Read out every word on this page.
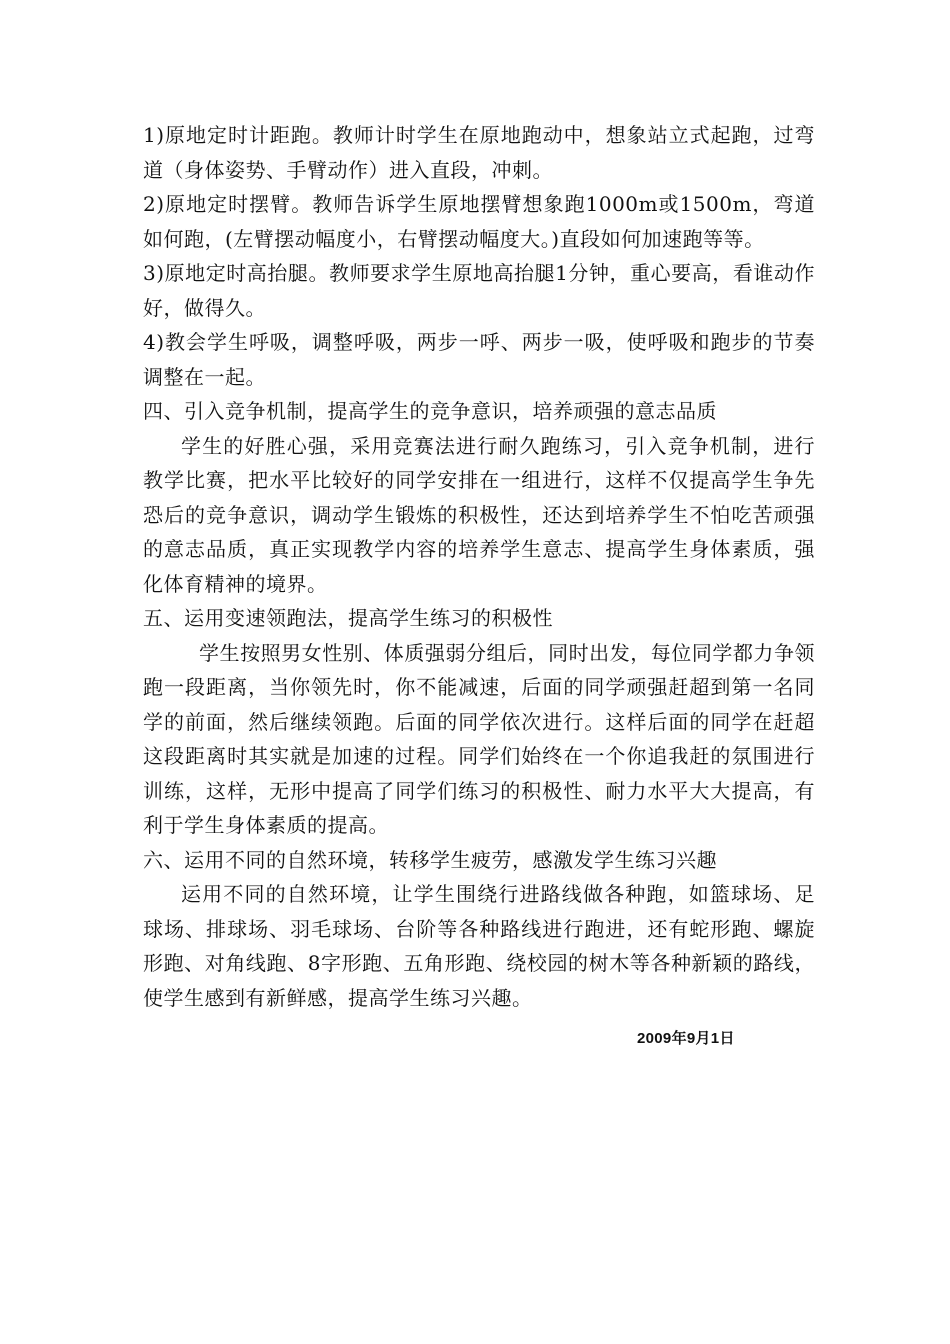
1)原地定时计距跑。教师计时学生在原地跑动中，想象站立式起跑，过弯道（身体姿势、手臂动作）进入直段，冲刺。

2)原地定时摆臂。教师告诉学生原地摆臂想象跑1000m或1500m，弯道如何跑，(左臂摆动幅度小，右臂摆动幅度大。)直段如何加速跑等等。

3)原地定时高抬腿。教师要求学生原地高抬腿1分钟，重心要高，看谁动作好，做得久。

4)教会学生呼吸，调整呼吸，两步一呼、两步一吸，使呼吸和跑步的节奏调整在一起。

四、引入竞争机制，提高学生的竞争意识，培养顽强的意志品质

学生的好胜心强，采用竞赛法进行耐久跑练习，引入竞争机制，进行教学比赛，把水平比较好的同学安排在一组进行，这样不仅提高学生争先恐后的竞争意识，调动学生锻炼的积极性，还达到培养学生不怕吃苦顽强的意志品质，真正实现教学内容的培养学生意志、提高学生身体素质，强化体育精神的境界。

五、运用变速领跑法，提高学生练习的积极性

学生按照男女性别、体质强弱分组后，同时出发，每位同学都力争领跑一段距离，当你领先时，你不能减速，后面的同学顽强赶超到第一名同学的前面，然后继续领跑。后面的同学依次进行。这样后面的同学在赶超这段距离时其实就是加速的过程。同学们始终在一个你追我赶的氛围进行训练，这样，无形中提高了同学们练习的积极性、耐力水平大大提高，有利于学生身体素质的提高。

六、运用不同的自然环境，转移学生疲劳，感激发学生练习兴趣

运用不同的自然环境，让学生围绕行进路线做各种跑，如篮球场、足球场、排球场、羽毛球场、台阶等各种路线进行跑进，还有蛇形跑、螺旋形跑、对角线跑、8字形跑、五角形跑、绕校园的树木等各种新颖的路线，使学生感到有新鲜感，提高学生练习兴趣。

2009年9月1日
